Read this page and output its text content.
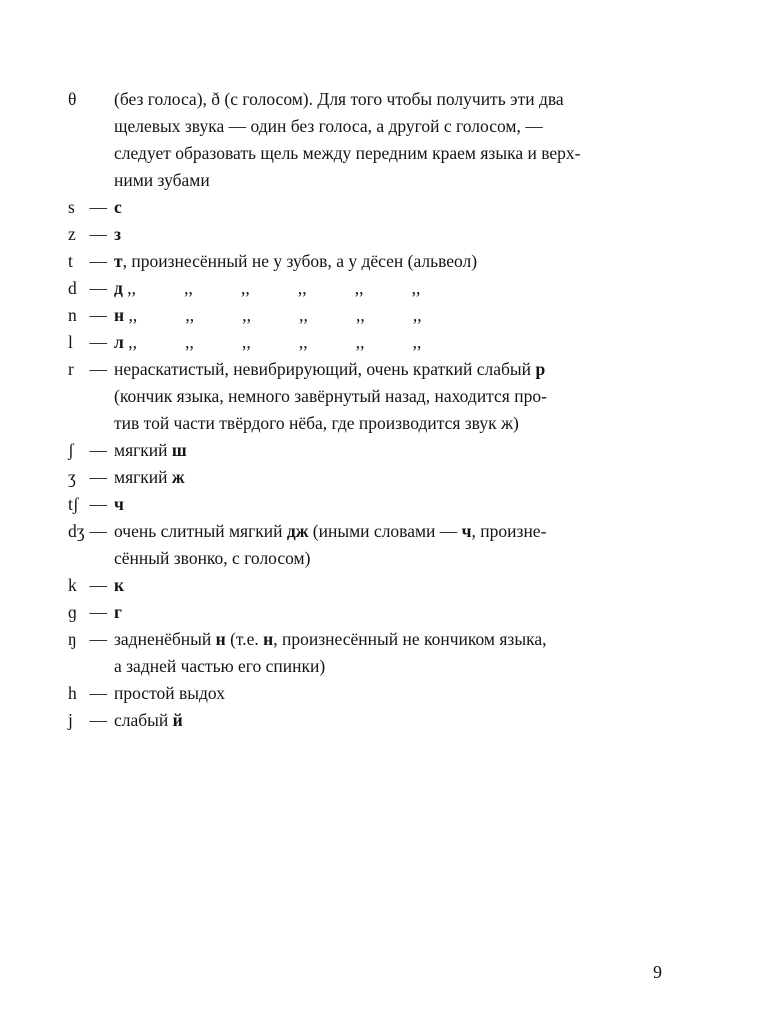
θ (без голоса), ð (с голосом). Для того чтобы получить эти два
щелевых звука — один без голоса, а другой с голосом, —
следует образовать щель между передним краем языка и верх-
ними зубами
s — с
z — з
t — т, произнесённый не у зубов, а у дёсен (альвеол)
d — д ,,           ,,           ,,           ,,           ,,           ,,
n — н ,,           ,,           ,,           ,,           ,,           ,,
l — л ,,           ,,           ,,           ,,           ,,           ,,
r — нераскатистый, невибрирующий, очень краткий слабый р
(кончик языка, немного завёрнутый назад, находится про-
тив той части твёрдого нёба, где производится звук ж)
ʃ — мягкий ш
ʒ — мягкий ж
tʃ — ч
dʒ — очень слитный мягкий дж (иными словами — ч, произне-
сённый звонко, с голосом)
k — к
ɡ — г
ŋ — задненёбный н (т.е. н, произнесённый не кончиком языка,
а задней частью его спинки)
h — простой выдох
j — слабый й
9
